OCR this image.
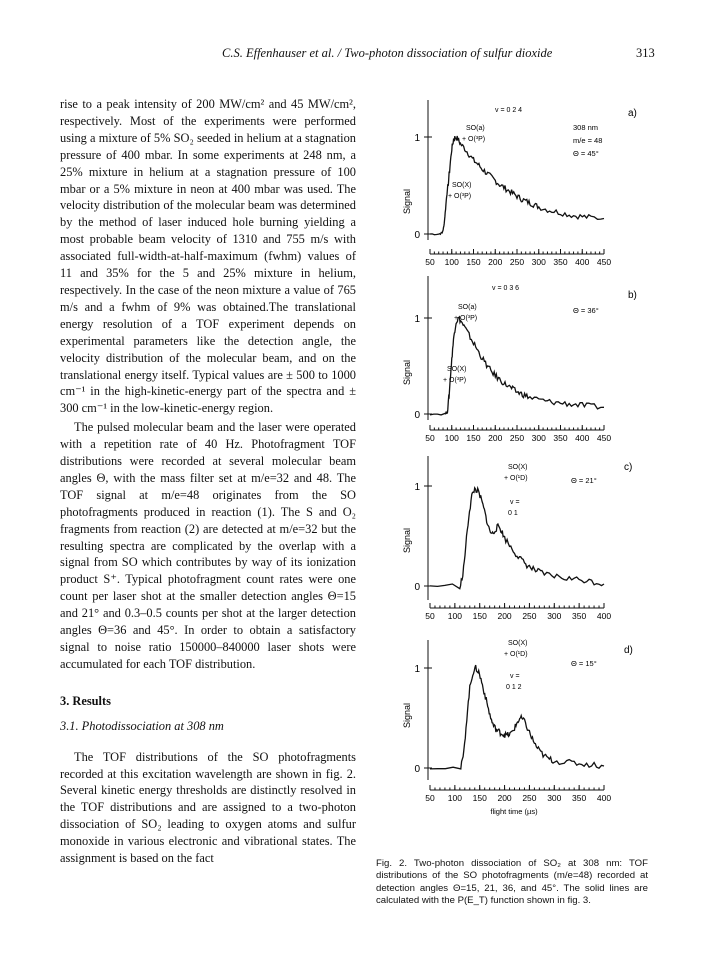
C.S. Effenhauser et al. / Two-photon dissociation of sulfur dioxide	313

rise to a peak intensity of 200 MW/cm² and 45 MW/cm², respectively. Most of the experiments were performed using a mixture of 5% SO₂ seeded in helium at a stagnation pressure of 400 mbar. In some experiments at 248 nm, a 25% mixture in helium at a stagnation pressure of 100 mbar or a 5% mixture in neon at 400 mbar was used. The velocity distribution of the molecular beam was determined by the method of laser induced hole burning yielding a most probable beam velocity of 1310 and 755 m/s with associated full-width-at-half-maximum (fwhm) values of 11 and 35% for the 5 and 25% mixture in helium, respectively. In the case of the neon mixture a value of 765 m/s and a fwhm of 9% was obtained.The translational energy resolution of a TOF experiment depends on experimental parameters like the detection angle, the velocity distribution of the molecular beam, and on the translational energy itself. Typical values are ± 500 to 1000 cm⁻¹ in the high-kinetic-energy part of the spectra and ± 300 cm⁻¹ in the low-kinetic-energy region.

The pulsed molecular beam and the laser were operated with a repetition rate of 40 Hz. Photofragment TOF distributions were recorded at several molecular beam angles Θ, with the mass filter set at m/e=32 and 48. The TOF signal at m/e=48 originates from the SO photofragments produced in reaction (1). The S and O₂ fragments from reaction (2) are detected at m/e=32 but the resulting spectra are complicated by the overlap with a signal from SO which contributes by way of its ionization product S⁺. Typical photofragment count rates were one count per laser shot at the smaller detection angles Θ=15 and 21° and 0.3–0.5 counts per shot at the larger detection angles Θ=36 and 45°. In order to obtain a satisfactory signal to noise ratio 150000–840000 laser shots were accumulated for each TOF distribution.

3. Results
3.1. Photodissociation at 308 nm

The TOF distributions of the SO photofragments recorded at this excitation wavelength are shown in fig. 2. Several kinetic energy thresholds are distinctly resolved in the TOF distributions and are assigned to a two-photon dissociation of SO₂ leading to oxygen atoms and sulfur monoxide in various electronic and vibrational states. The assignment is based on the fact

1
0
Signal
50 100 150 200 250 300 350 400 450
v = 0 2 4
SO(a)
+ O(³P)
SO(X)
+ O(³P)
308 nm
m/e = 48
Θ = 45°
a)
1
0
Signal
50 100 150 200 250 300 350 400 450
v = 0 3 6
SO(a)
+ O(³P)
SO(X)
+ O(³P)
Θ = 36°
b)
1
0
Signal
50 100 150 200 250 300 350 400
SO(X)
+ O(¹D)
v =
0 1
Θ = 21°
c)
1
0
Signal
50 100 150 200 250 300 350 400
SO(X)
+ O(¹D)
v =
0 1 2
Θ = 15°
d)
flight time (µs)
Fig. 2. Two-photon dissociation of SO₂ at 308 nm: TOF distributions of the SO photofragments (m/e=48) recorded at detection angles Θ=15, 21, 36, and 45°. The solid lines are calculated with the P(E_T) function shown in fig. 3.
